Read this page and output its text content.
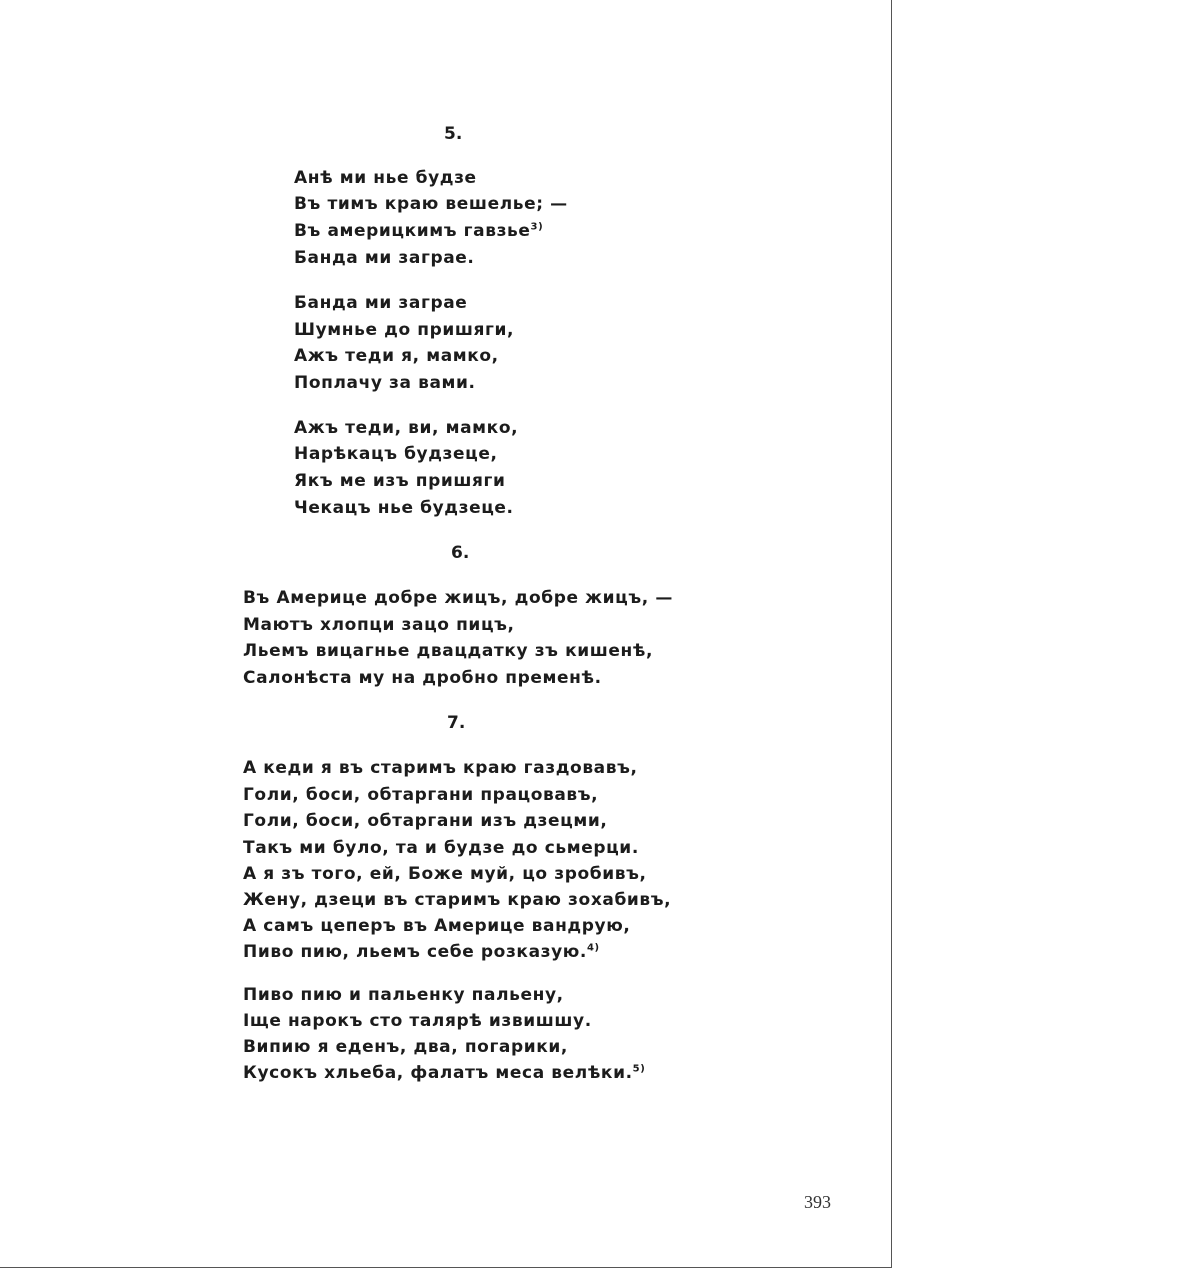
5.
Анѣ ми нье будзе
Въ тимъ краю вешелье; —
Въ америцкимъ гавзье$^{3)}$
Банда ми заграе.
Банда ми заграе
Шумнье до пришяги,
Ажъ теди я, мамко,
Поплачу за вами.
Ажъ теди, ви, мамко,
Нарѣкацъ будзеце,
Якъ ме изъ пришяги
Чекацъ нье будзеце.
6.
Въ Америце добре жицъ, добре жицъ, —
Маютъ хлопци зацо пицъ,
Льемъ вицагнье двацдатку зъ кишенѣ,
Салонѣста му на дробно пременѣ.
7.
А кеди я въ старимъ краю газдовавъ,
Голи, боси, обтаргани працовавъ,
Голи, боси, обтаргани изъ дзецми,
Такъ ми було, та и будзе до сьмерци.
А я зъ того, ей, Боже муй, цо зробивъ,
Жену, дзеци въ старимъ краю зохабивъ,
А самъ цеперъ въ Америце вандрую,
Пиво пию, льемъ себе розказую.$^{4)}$
Пиво пию и пальенку пальену,
Іще нарокъ сто талярѣ извишшу.
Випию я еденъ, два, погарики,
Кусокъ хльеба, фалатъ меса велѣки.$^{5)}$
393
